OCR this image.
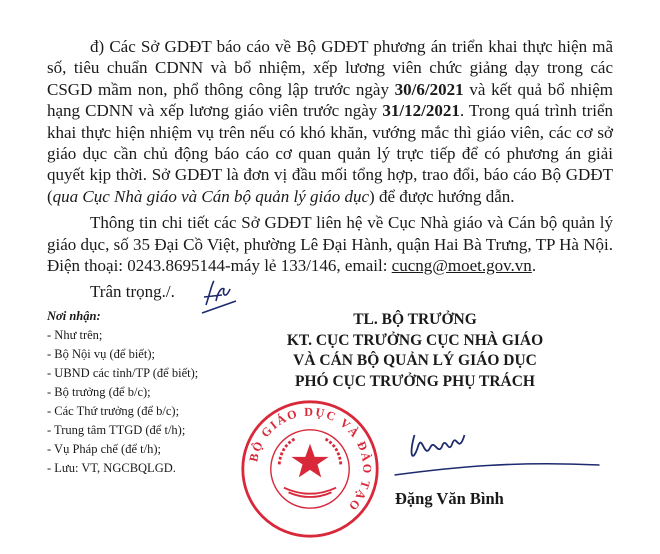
đ) Các Sở GDĐT báo cáo về Bộ GDĐT phương án triển khai thực hiện mã số, tiêu chuẩn CDNN và bổ nhiệm, xếp lương viên chức giảng dạy trong các CSGD mầm non, phổ thông công lập trước ngày 30/6/2021 và kết quả bổ nhiệm hạng CDNN và xếp lương giáo viên trước ngày 31/12/2021. Trong quá trình triển khai thực hiện nhiệm vụ trên nếu có khó khăn, vướng mắc thì giáo viên, các cơ sở giáo dục cần chủ động báo cáo cơ quan quản lý trực tiếp để có phương án giải quyết kịp thời. Sở GDĐT là đơn vị đầu mối tổng hợp, trao đổi, báo cáo Bộ GDĐT (qua Cục Nhà giáo và Cán bộ quản lý giáo dục) để được hướng dẫn.

Thông tin chi tiết các Sở GDĐT liên hệ về Cục Nhà giáo và Cán bộ quản lý giáo dục, số 35 Đại Cồ Việt, phường Lê Đại Hành, quận Hai Bà Trưng, TP Hà Nội. Điện thoại: 0243.8695144-máy lẻ 133/146, email: cucng@moet.gov.vn.

Trân trọng./.
Nơi nhận:
- Như trên;
- Bộ Nội vụ (để biết);
- UBND các tỉnh/TP (để biết);
- Bộ trưởng (để b/c);
- Các Thứ trưởng (để b/c);
- Trung tâm TTGD (để t/h);
- Vụ Pháp chế (để t/h);
- Lưu: VT, NGCBQLGD.
TL. BỘ TRƯỞNG
KT. CỤC TRƯỞNG CỤC NHÀ GIÁO
VÀ CÁN BỘ QUẢN LÝ GIÁO DỤC
PHÓ CỤC TRƯỞNG PHỤ TRÁCH
BỘ GIÁO DỤC VÀ ĐÀO TẠO	Đặng Văn Bình
